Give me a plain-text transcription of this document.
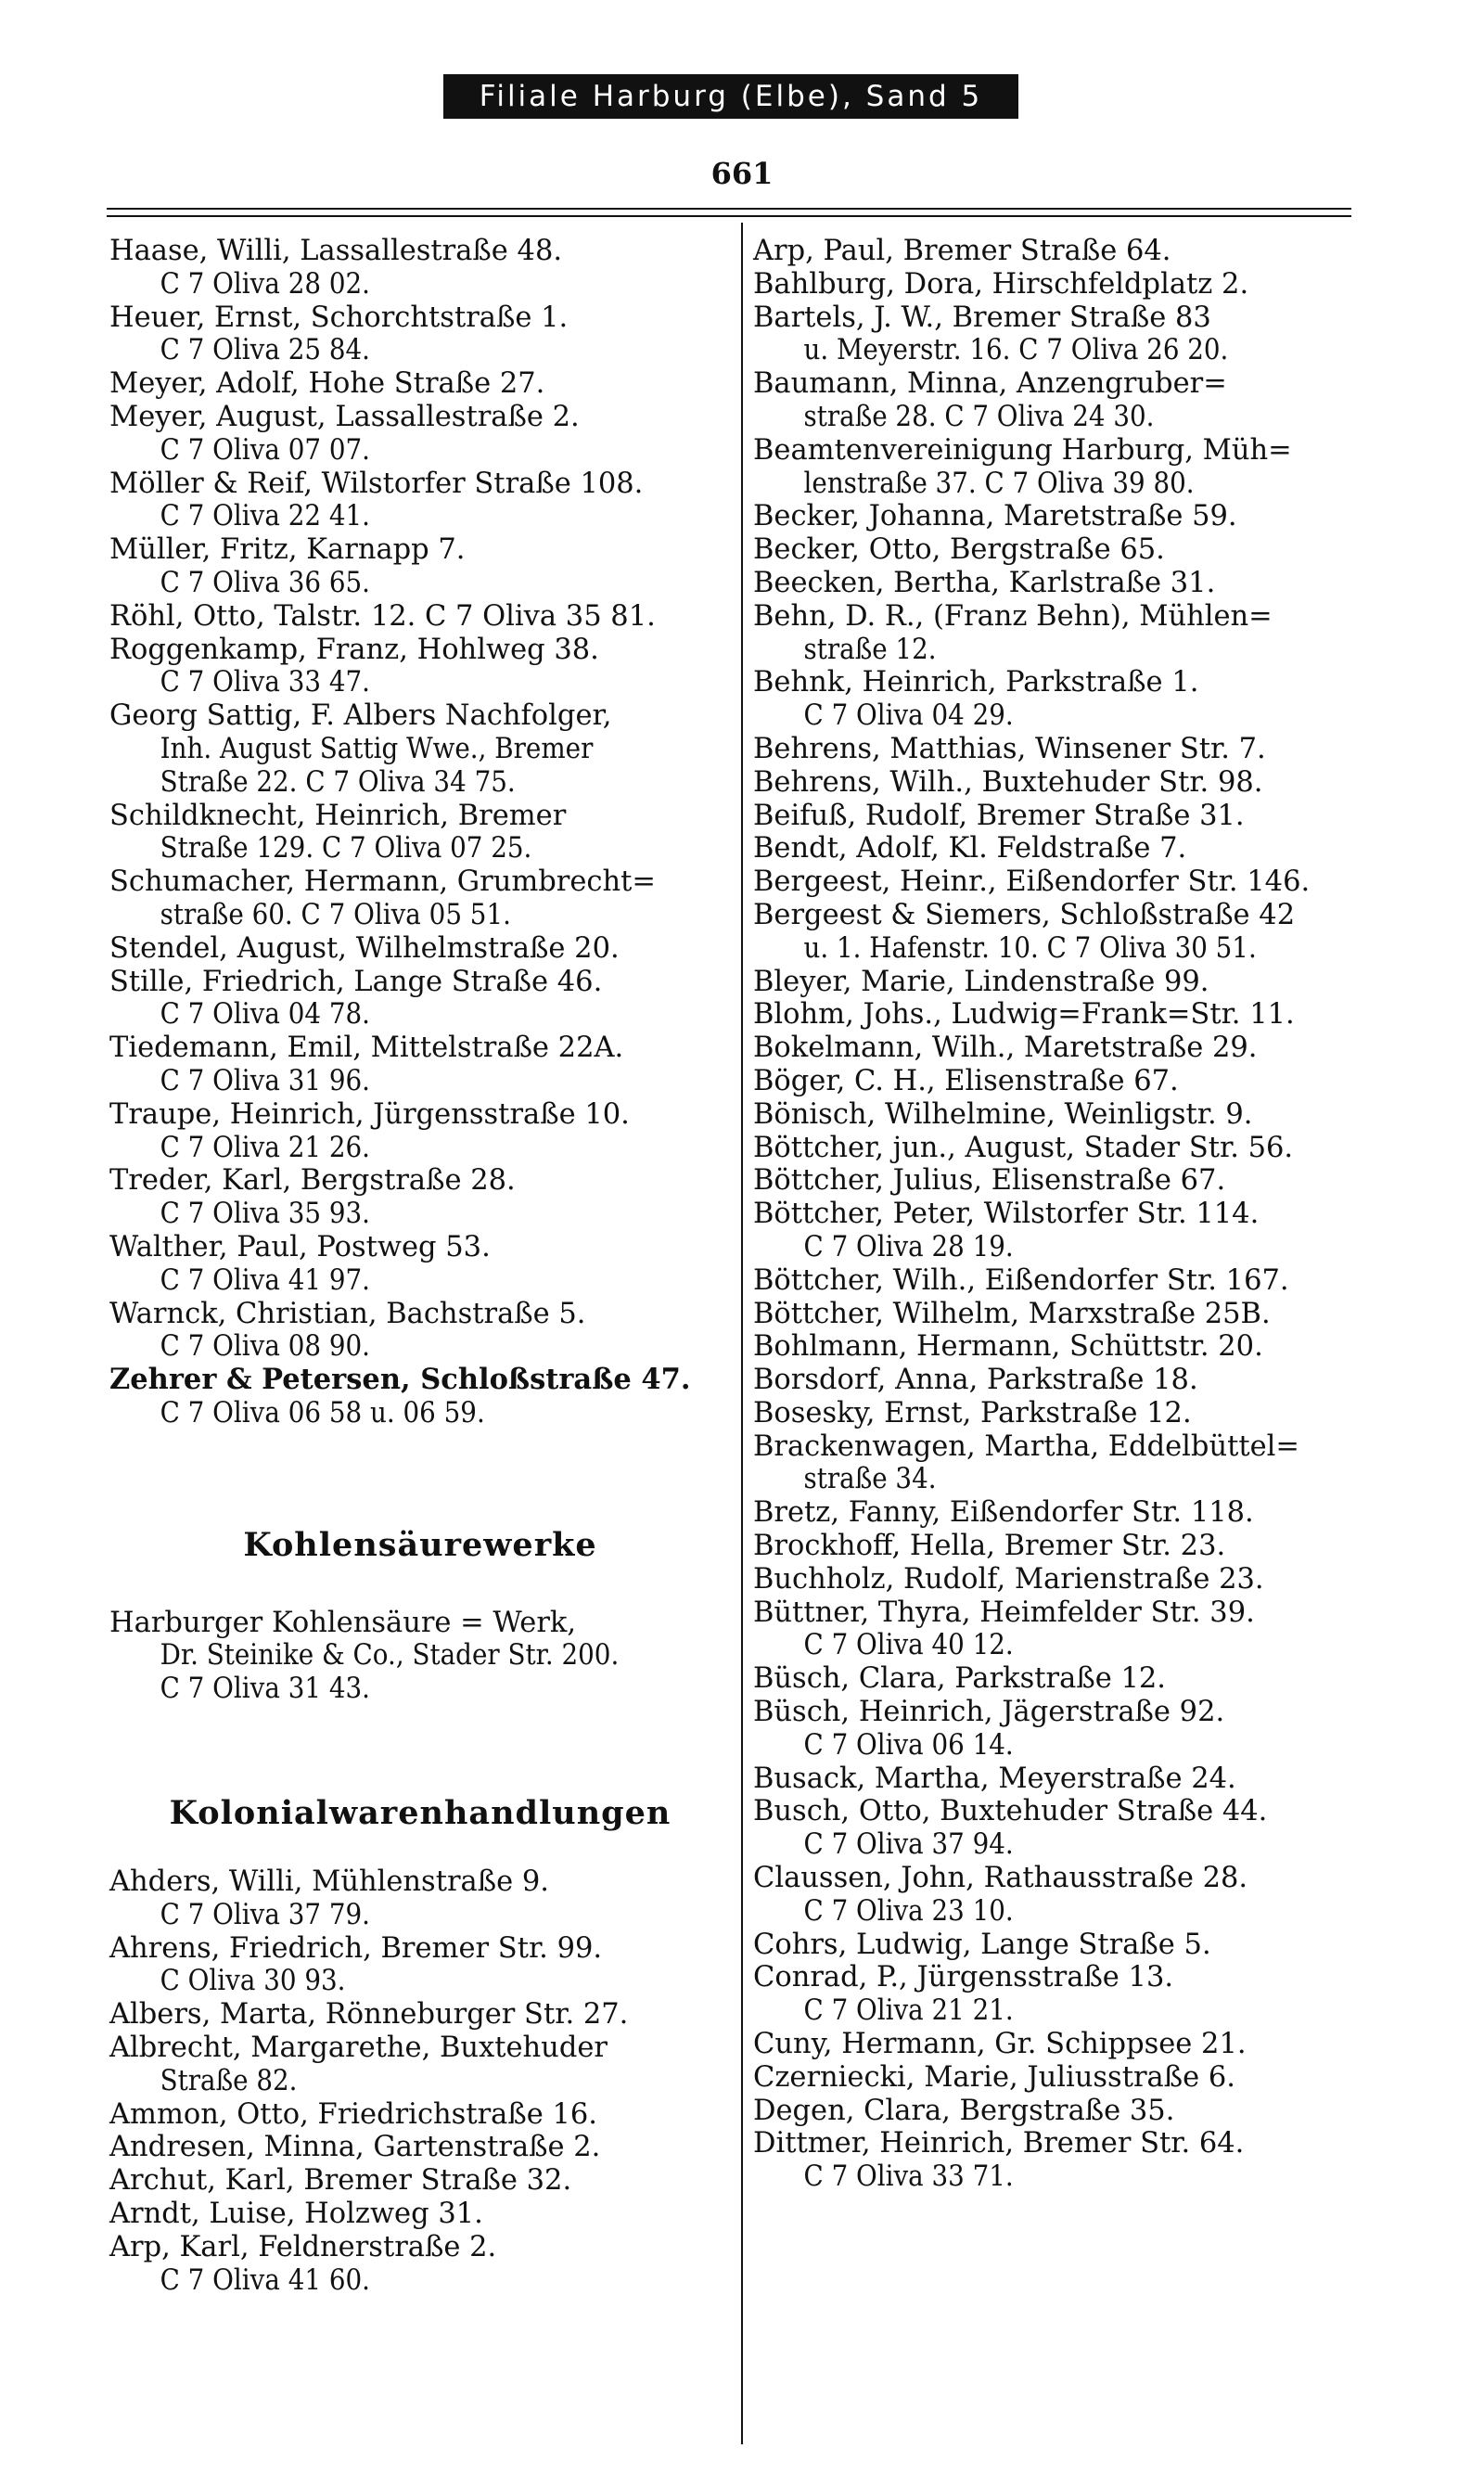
Filiale Harburg (Elbe), Sand 5
661

Haase, Willi, Lassallestraße 48.

C 7 Oliva 28 02.

Heuer, Ernst, Schorchtstraße 1.

C 7 Oliva 25 84.

Meyer, Adolf, Hohe Straße 27.

Meyer, August, Lassallestraße 2.

C 7 Oliva 07 07.

Möller & Reif, Wilstorfer Straße 108.

C 7 Oliva 22 41.

Müller, Fritz, Karnapp 7.

C 7 Oliva 36 65.

Röhl, Otto, Talstr. 12. C 7 Oliva 35 81.

Roggenkamp, Franz, Hohlweg 38.

C 7 Oliva 33 47.

Georg Sattig, F. Albers Nachfolger,

Inh. August Sattig Wwe., Bremer

Straße 22. C 7 Oliva 34 75.

Schildknecht, Heinrich, Bremer

Straße 129. C 7 Oliva 07 25.

Schumacher, Hermann, Grumbrecht=

straße 60. C 7 Oliva 05 51.

Stendel, August, Wilhelmstraße 20.

Stille, Friedrich, Lange Straße 46.

C 7 Oliva 04 78.

Tiedemann, Emil, Mittelstraße 22A.

C 7 Oliva 31 96.

Traupe, Heinrich, Jürgensstraße 10.

C 7 Oliva 21 26.

Treder, Karl, Bergstraße 28.

C 7 Oliva 35 93.

Walther, Paul, Postweg 53.

C 7 Oliva 41 97.

Warnck, Christian, Bachstraße 5.

C 7 Oliva 08 90.

Zehrer & Petersen, Schloßstraße 47.

C 7 Oliva 06 58 u. 06 59.

Kohlensäurewerke

Harburger Kohlensäure = Werk,

Dr. Steinike & Co., Stader Str. 200.

C 7 Oliva 31 43.

Kolonialwarenhandlungen

Ahders, Willi, Mühlenstraße 9.

C 7 Oliva 37 79.

Ahrens, Friedrich, Bremer Str. 99.

C Oliva 30 93.

Albers, Marta, Rönneburger Str. 27.

Albrecht, Margarethe, Buxtehuder

Straße 82.

Ammon, Otto, Friedrichstraße 16.

Andresen, Minna, Gartenstraße 2.

Archut, Karl, Bremer Straße 32.

Arndt, Luise, Holzweg 31.

Arp, Karl, Feldnerstraße 2.

C 7 Oliva 41 60.

Arp, Paul, Bremer Straße 64.

Bahlburg, Dora, Hirschfeldplatz 2.

Bartels, J. W., Bremer Straße 83

u. Meyerstr. 16. C 7 Oliva 26 20.

Baumann, Minna, Anzengruber=

straße 28. C 7 Oliva 24 30.

Beamtenvereinigung Harburg, Müh=

lenstraße 37. C 7 Oliva 39 80.

Becker, Johanna, Maretstraße 59.

Becker, Otto, Bergstraße 65.

Beecken, Bertha, Karlstraße 31.

Behn, D. R., (Franz Behn), Mühlen=

straße 12.

Behnk, Heinrich, Parkstraße 1.

C 7 Oliva 04 29.

Behrens, Matthias, Winsener Str. 7.

Behrens, Wilh., Buxtehuder Str. 98.

Beifuß, Rudolf, Bremer Straße 31.

Bendt, Adolf, Kl. Feldstraße 7.

Bergeest, Heinr., Eißendorfer Str. 146.

Bergeest & Siemers, Schloßstraße 42

u. 1. Hafenstr. 10. C 7 Oliva 30 51.

Bleyer, Marie, Lindenstraße 99.

Blohm, Johs., Ludwig=Frank=Str. 11.

Bokelmann, Wilh., Maretstraße 29.

Böger, C. H., Elisenstraße 67.

Bönisch, Wilhelmine, Weinligstr. 9.

Böttcher, jun., August, Stader Str. 56.

Böttcher, Julius, Elisenstraße 67.

Böttcher, Peter, Wilstorfer Str. 114.

C 7 Oliva 28 19.

Böttcher, Wilh., Eißendorfer Str. 167.

Böttcher, Wilhelm, Marxstraße 25B.

Bohlmann, Hermann, Schüttstr. 20.

Borsdorf, Anna, Parkstraße 18.

Bosesky, Ernst, Parkstraße 12.

Brackenwagen, Martha, Eddelbüttel=

straße 34.

Bretz, Fanny, Eißendorfer Str. 118.

Brockhoff, Hella, Bremer Str. 23.

Buchholz, Rudolf, Marienstraße 23.

Büttner, Thyra, Heimfelder Str. 39.

C 7 Oliva 40 12.

Büsch, Clara, Parkstraße 12.

Büsch, Heinrich, Jägerstraße 92.

C 7 Oliva 06 14.

Busack, Martha, Meyerstraße 24.

Busch, Otto, Buxtehuder Straße 44.

C 7 Oliva 37 94.

Claussen, John, Rathausstraße 28.

C 7 Oliva 23 10.

Cohrs, Ludwig, Lange Straße 5.

Conrad, P., Jürgensstraße 13.

C 7 Oliva 21 21.

Cuny, Hermann, Gr. Schippsee 21.

Czerniecki, Marie, Juliusstraße 6.

Degen, Clara, Bergstraße 35.

Dittmer, Heinrich, Bremer Str. 64.

C 7 Oliva 33 71.
